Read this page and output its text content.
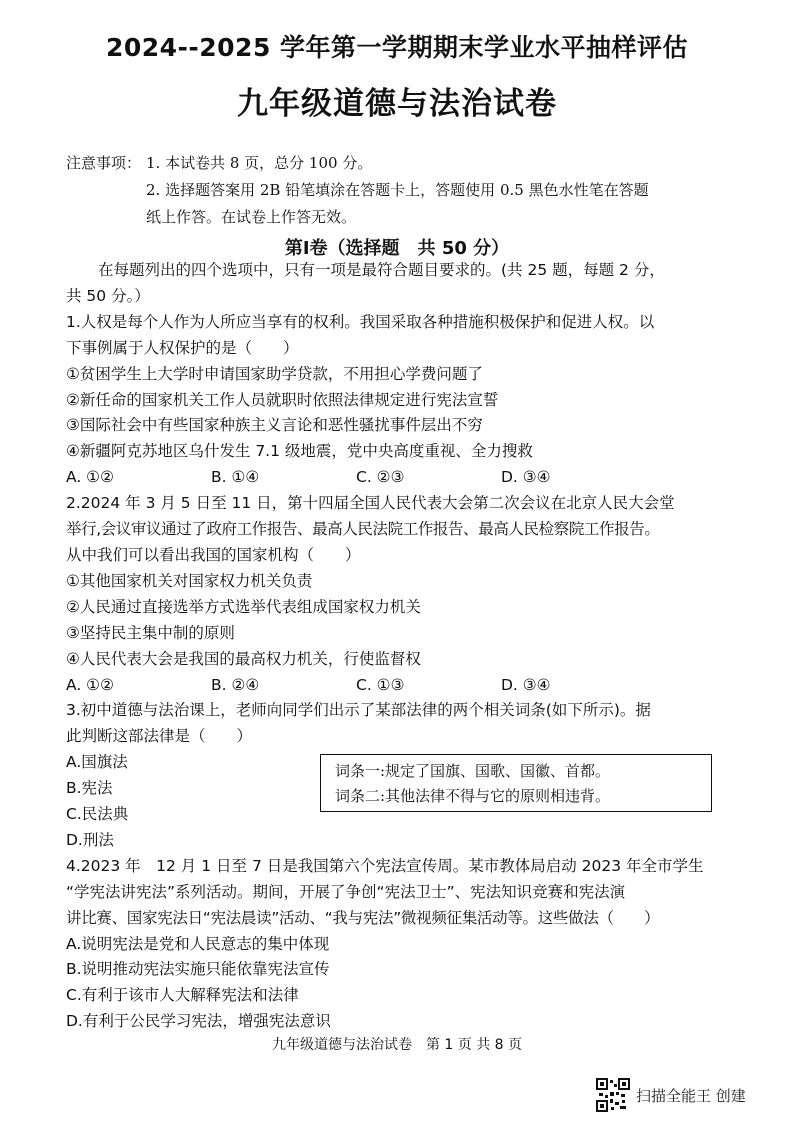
2024--2025 学年第一学期期末学业水平抽样评估
九年级道德与法治试卷
注意事项： 1. 本试卷共 8 页，总分 100 分。
2. 选择题答案用 2B 铅笔填涂在答题卡上，答题使用 0.5 黑色水性笔在答题
纸上作答。在试卷上作答无效。
第Ⅰ卷（选择题　共 50 分）
在每题列出的四个选项中，只有一项是最符合题目要求的。(共 25 题，每题 2 分，
共 50 分。）
1.人权是每个人作为人所应当享有的权利。我国采取各种措施积极保护和促进人权。以
下事例属于人权保护的是（　　）
①贫困学生上大学时申请国家助学贷款，不用担心学费问题了
②新任命的国家机关工作人员就职时依照法律规定进行宪法宣誓
③国际社会中有些国家种族主义言论和恶性骚扰事件层出不穷
④新疆阿克苏地区乌什发生 7.1 级地震，党中央高度重视、全力搜救
A. ①②	B. ①④	C. ②③	D. ③④
2.2024 年 3 月 5 日至 11 日，第十四届全国人民代表大会第二次会议在北京人民大会堂
举行,会议审议通过了政府工作报告、最高人民法院工作报告、最高人民检察院工作报告。
从中我们可以看出我国的国家机构（　　）
①其他国家机关对国家权力机关负责
②人民通过直接选举方式选举代表组成国家权力机关
③坚持民主集中制的原则
④人民代表大会是我国的最高权力机关，行使监督权
A. ①②	B. ②④	C. ①③	D. ③④
3.初中道德与法治课上，老师向同学们出示了某部法律的两个相关词条(如下所示)。据
此判断这部法律是（　　）
A.国旗法
B.宪法
C.民法典
D.刑法
词条一:规定了国旗、国歌、国徽、首都。
词条二:其他法律不得与它的原则相违背。
4.2023 年　12 月 1 日至 7 日是我国第六个宪法宣传周。某市教体局启动 2023 年全市学生
“学宪法讲宪法”系列活动。期间，开展了争创“宪法卫士”、宪法知识竞赛和宪法演
讲比赛、国家宪法日“宪法晨读”活动、“我与宪法”微视频征集活动等。这些做法（　　）
A.说明宪法是党和人民意志的集中体现
B.说明推动宪法实施只能依靠宪法宣传
C.有利于该市人大解释宪法和法律
D.有利于公民学习宪法，增强宪法意识
九年级道德与法治试卷　第 1 页 共 8 页
扫描全能王 创建
